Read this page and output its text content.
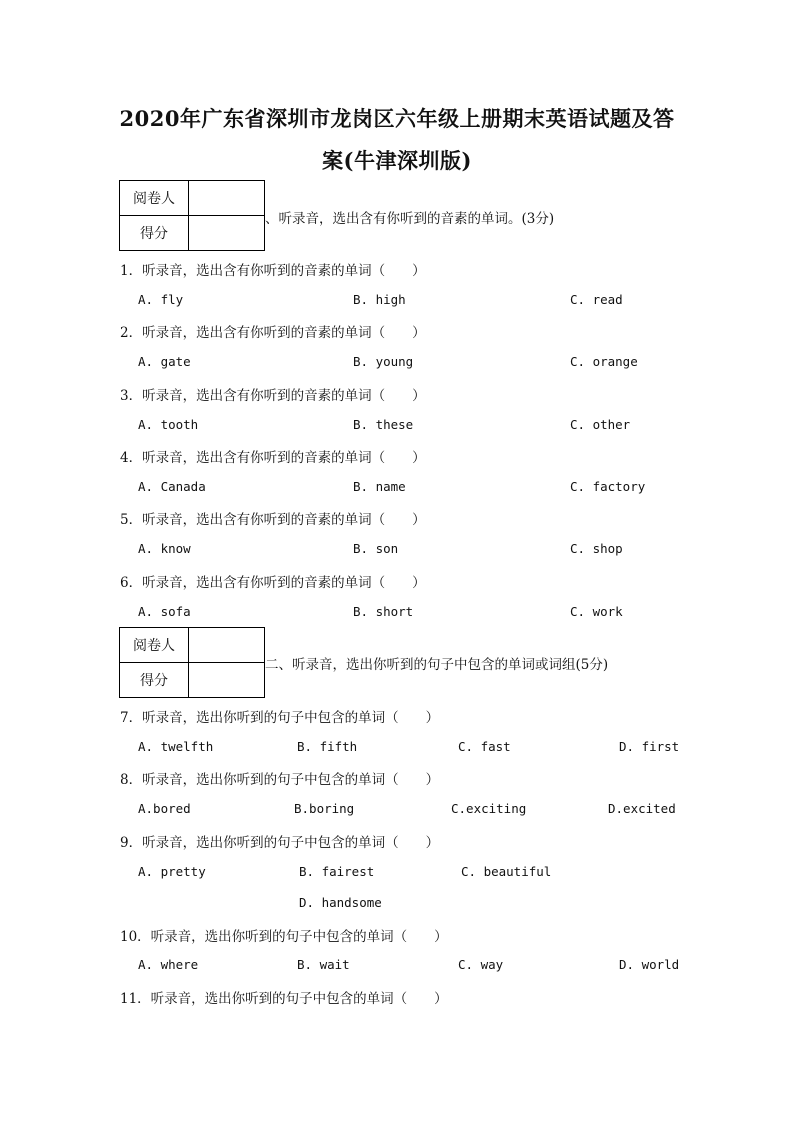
2020年广东省深圳市龙岗区六年级上册期末英语试题及答
案(牛津深圳版)
阅卷人	
得分	
、听录音，选出含有你听到的音素的单词。(3分)
1．听录音，选出含有你听到的音素的单词（　　）
A. fly	B. high	C. read
2．听录音，选出含有你听到的音素的单词（　　）
A. gate	B. young	C. orange
3．听录音，选出含有你听到的音素的单词（　　）
A. tooth	B. these	C. other
4．听录音，选出含有你听到的音素的单词（　　）
A. Canada	B. name	C. factory
5．听录音，选出含有你听到的音素的单词（　　）
A. know	B. son	C. shop
6．听录音，选出含有你听到的音素的单词（　　）
A. sofa	B. short	C. work
阅卷人	
得分	
二、听录音，选出你听到的句子中包含的单词或词组(5分)
7．听录音，选出你听到的句子中包含的单词（　　）
A. twelfth	B. fifth	C. fast	D. first
8．听录音，选出你听到的句子中包含的单词（　　）
A.bored	B.boring	C.exciting	D.excited
9．听录音，选出你听到的句子中包含的单词（　　）
A. pretty	B. fairest	C. beautiful
D. handsome
10．听录音，选出你听到的句子中包含的单词（　　）
A. where	B. wait	C. way	D. world
11．听录音，选出你听到的句子中包含的单词（　　）
